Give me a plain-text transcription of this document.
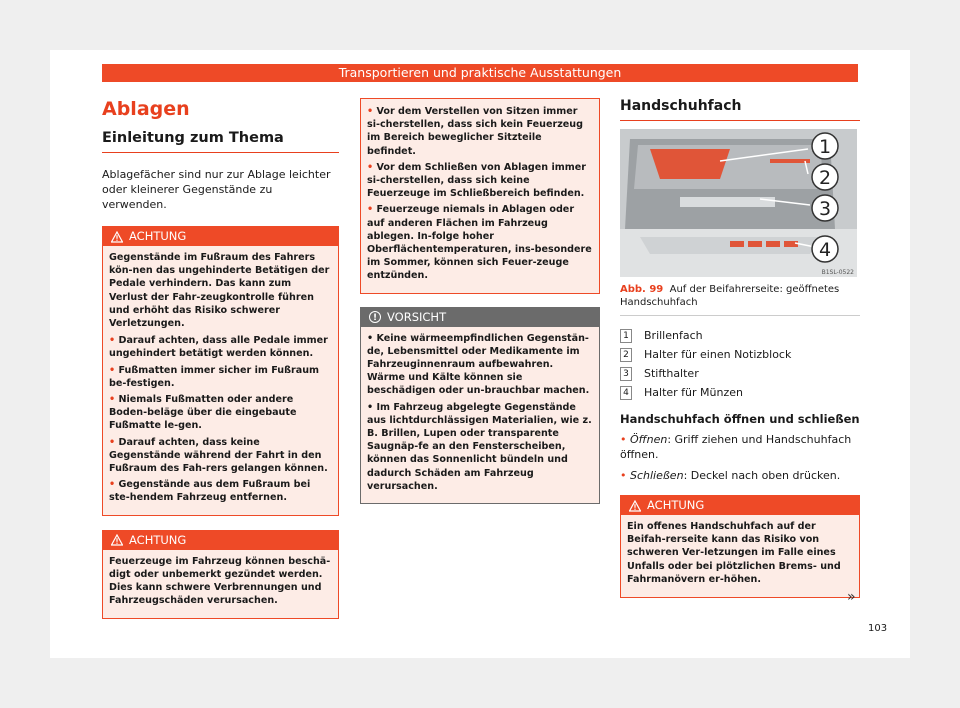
Transportieren und praktische Ausstattungen
Ablagen
Einleitung zum Thema
Ablagefächer sind nur zur Ablage leichter oder kleinerer Gegenstände zu verwenden.
ACHTUNG

Gegenstände im Fußraum des Fahrers kön-nen das ungehinderte Betätigen der Pedale verhindern. Das kann zum Verlust der Fahr-zeugkontrolle führen und erhöht das Risiko schwerer Verletzungen.

• Darauf achten, dass alle Pedale immer ungehindert betätigt werden können.
• Fußmatten immer sicher im Fußraum be-festigen.
• Niemals Fußmatten oder andere Boden-beläge über die eingebaute Fußmatte le-gen.
• Darauf achten, dass keine Gegenstände während der Fahrt in den Fußraum des Fah-rers gelangen können.
• Gegenstände aus dem Fußraum bei ste-hendem Fahrzeug entfernen.
ACHTUNG

Feuerzeuge im Fahrzeug können beschä-digt oder unbemerkt gezündet werden. Dies kann schwere Verbrennungen und Fahrzeugschäden verursachen.

• Vor dem Verstellen von Sitzen immer si-cherstellen, dass sich kein Feuerzeug im Bereich beweglicher Sitzteile befindet.
• Vor dem Schließen von Ablagen immer si-cherstellen, dass sich keine Feuerzeuge im Schließbereich befinden.
• Feuerzeuge niemals in Ablagen oder auf anderen Flächen im Fahrzeug ablegen. In-folge hoher Oberflächentemperaturen, ins-besondere im Sommer, können sich Feuer-zeuge entzünden.
! VORSICHT
• Keine wärmeempfindlichen Gegenstän-de, Lebensmittel oder Medikamente im Fahrzeuginnenraum aufbewahren. Wärme und Kälte können sie beschädigen oder un-brauchbar machen.
• Im Fahrzeug abgelegte Gegenstände aus lichtdurchlässigen Materialien, wie z. B. Brillen, Lupen oder transparente Saugnäp-fe an den Fensterscheiben, können das Sonnenlicht bündeln und dadurch Schäden am Fahrzeug verursachen.
Handschuhfach
1
2
3
4
B1SL-0522
Abb. 99 Auf der Beifahrerseite: geöffnetes Handschuhfach
1 Brillenfach
2 Halter für einen Notizblock
3 Stifthalter
4 Halter für Münzen
Handschuhfach öffnen und schließen
• Öffnen: Griff ziehen und Handschuhfach öffnen.
• Schließen: Deckel nach oben drücken.
ACHTUNG

Ein offenes Handschuhfach auf der Beifah-rerseite kann das Risiko von schweren Ver-letzungen im Falle eines Unfalls oder bei plötzlichen Brems- und Fahrmanövern er-höhen.

»
103
